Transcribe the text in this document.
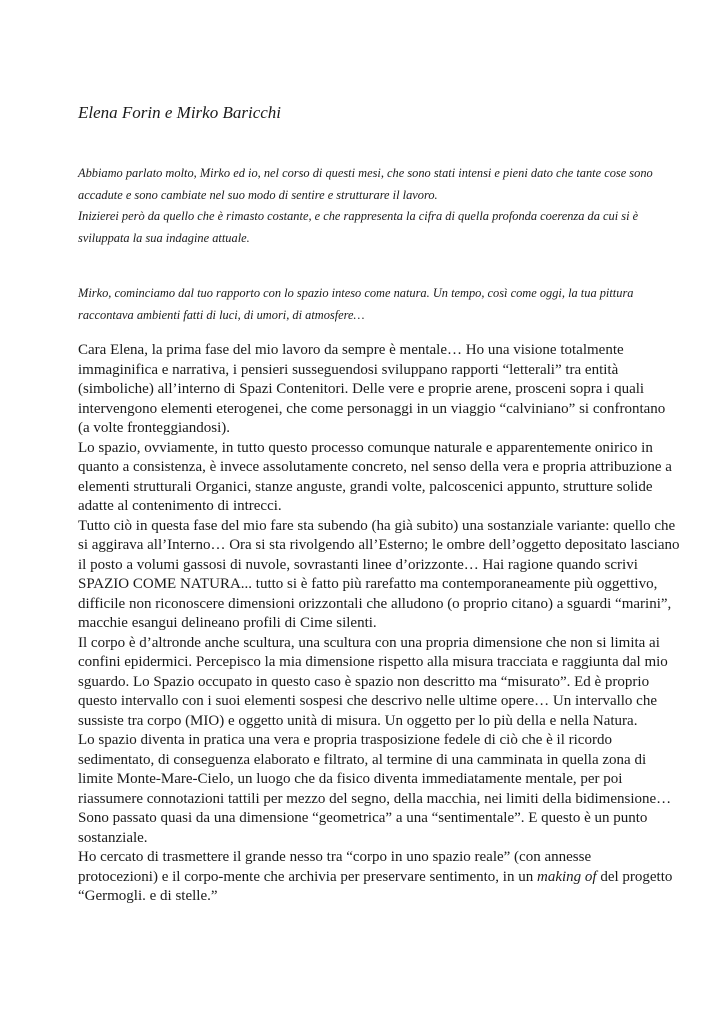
Elena Forin e Mirko Baricchi
Abbiamo parlato molto, Mirko ed io, nel corso di questi mesi, che sono stati intensi e pieni dato che tante cose sono
accadute e sono cambiate nel suo modo di sentire e strutturare il lavoro.
Inizierei però da quello che è rimasto costante, e che rappresenta la cifra di quella profonda coerenza da cui si è
sviluppata la sua indagine attuale.
Mirko, cominciamo dal tuo rapporto con lo spazio inteso come natura. Un tempo, così come oggi, la tua pittura
raccontava ambienti fatti di luci, di umori, di atmosfere…
Cara Elena, la prima fase del mio lavoro da sempre è mentale… Ho una visione totalmente
immaginifica e narrativa, i pensieri susseguendosi sviluppano rapporti “letterali” tra entità
(simboliche) all’interno di Spazi Contenitori. Delle vere e proprie arene, prosceni sopra i quali
intervengono elementi eterogenei, che come personaggi in un viaggio “calviniano” si confrontano
(a volte fronteggiandosi).
Lo spazio, ovviamente, in tutto questo processo comunque naturale e apparentemente onirico in
quanto a consistenza, è invece assolutamente concreto, nel senso della vera e propria attribuzione a
elementi strutturali Organici, stanze anguste, grandi volte, palcoscenici appunto, strutture solide
adatte al contenimento di intrecci.
Tutto ciò in questa fase del mio fare sta subendo (ha già subito) una sostanziale variante: quello che
si aggirava all’Interno… Ora si sta rivolgendo all’Esterno; le ombre dell’oggetto depositato lasciano
il posto a volumi gassosi di nuvole, sovrastanti linee d’orizzonte… Hai ragione quando scrivi
SPAZIO COME NATURA... tutto si è fatto più rarefatto ma contemporaneamente più oggettivo,
difficile non riconoscere dimensioni orizzontali che alludono (o proprio citano) a sguardi “marini”,
macchie esangui delineano profili di Cime silenti.
Il corpo è d’altronde anche scultura, una scultura con una propria dimensione che non si limita ai
confini epidermici. Percepisco la mia dimensione rispetto alla misura tracciata e raggiunta dal mio
sguardo. Lo Spazio occupato in questo caso è spazio non descritto ma “misurato”. Ed è proprio
questo intervallo con i suoi elementi sospesi che descrivo nelle ultime opere… Un intervallo che
sussiste tra corpo (MIO) e oggetto unità di misura. Un oggetto per lo più della e nella Natura.
Lo spazio diventa in pratica una vera e propria trasposizione fedele di ciò che è il ricordo
sedimentato, di conseguenza elaborato e filtrato, al termine di una camminata in quella zona di
limite Monte-Mare-Cielo, un luogo che da fisico diventa immediatamente mentale, per poi
riassumere connotazioni tattili per mezzo del segno, della macchia, nei limiti della bidimensione…
Sono passato quasi da una dimensione “geometrica” a una “sentimentale”. E questo è un punto
sostanziale.
Ho cercato di trasmettere il grande nesso tra “corpo in uno spazio reale” (con annesse
protocezioni) e il corpo-mente che archivia per preservare sentimento, in un making of del progetto
“Germogli. e di stelle.”
